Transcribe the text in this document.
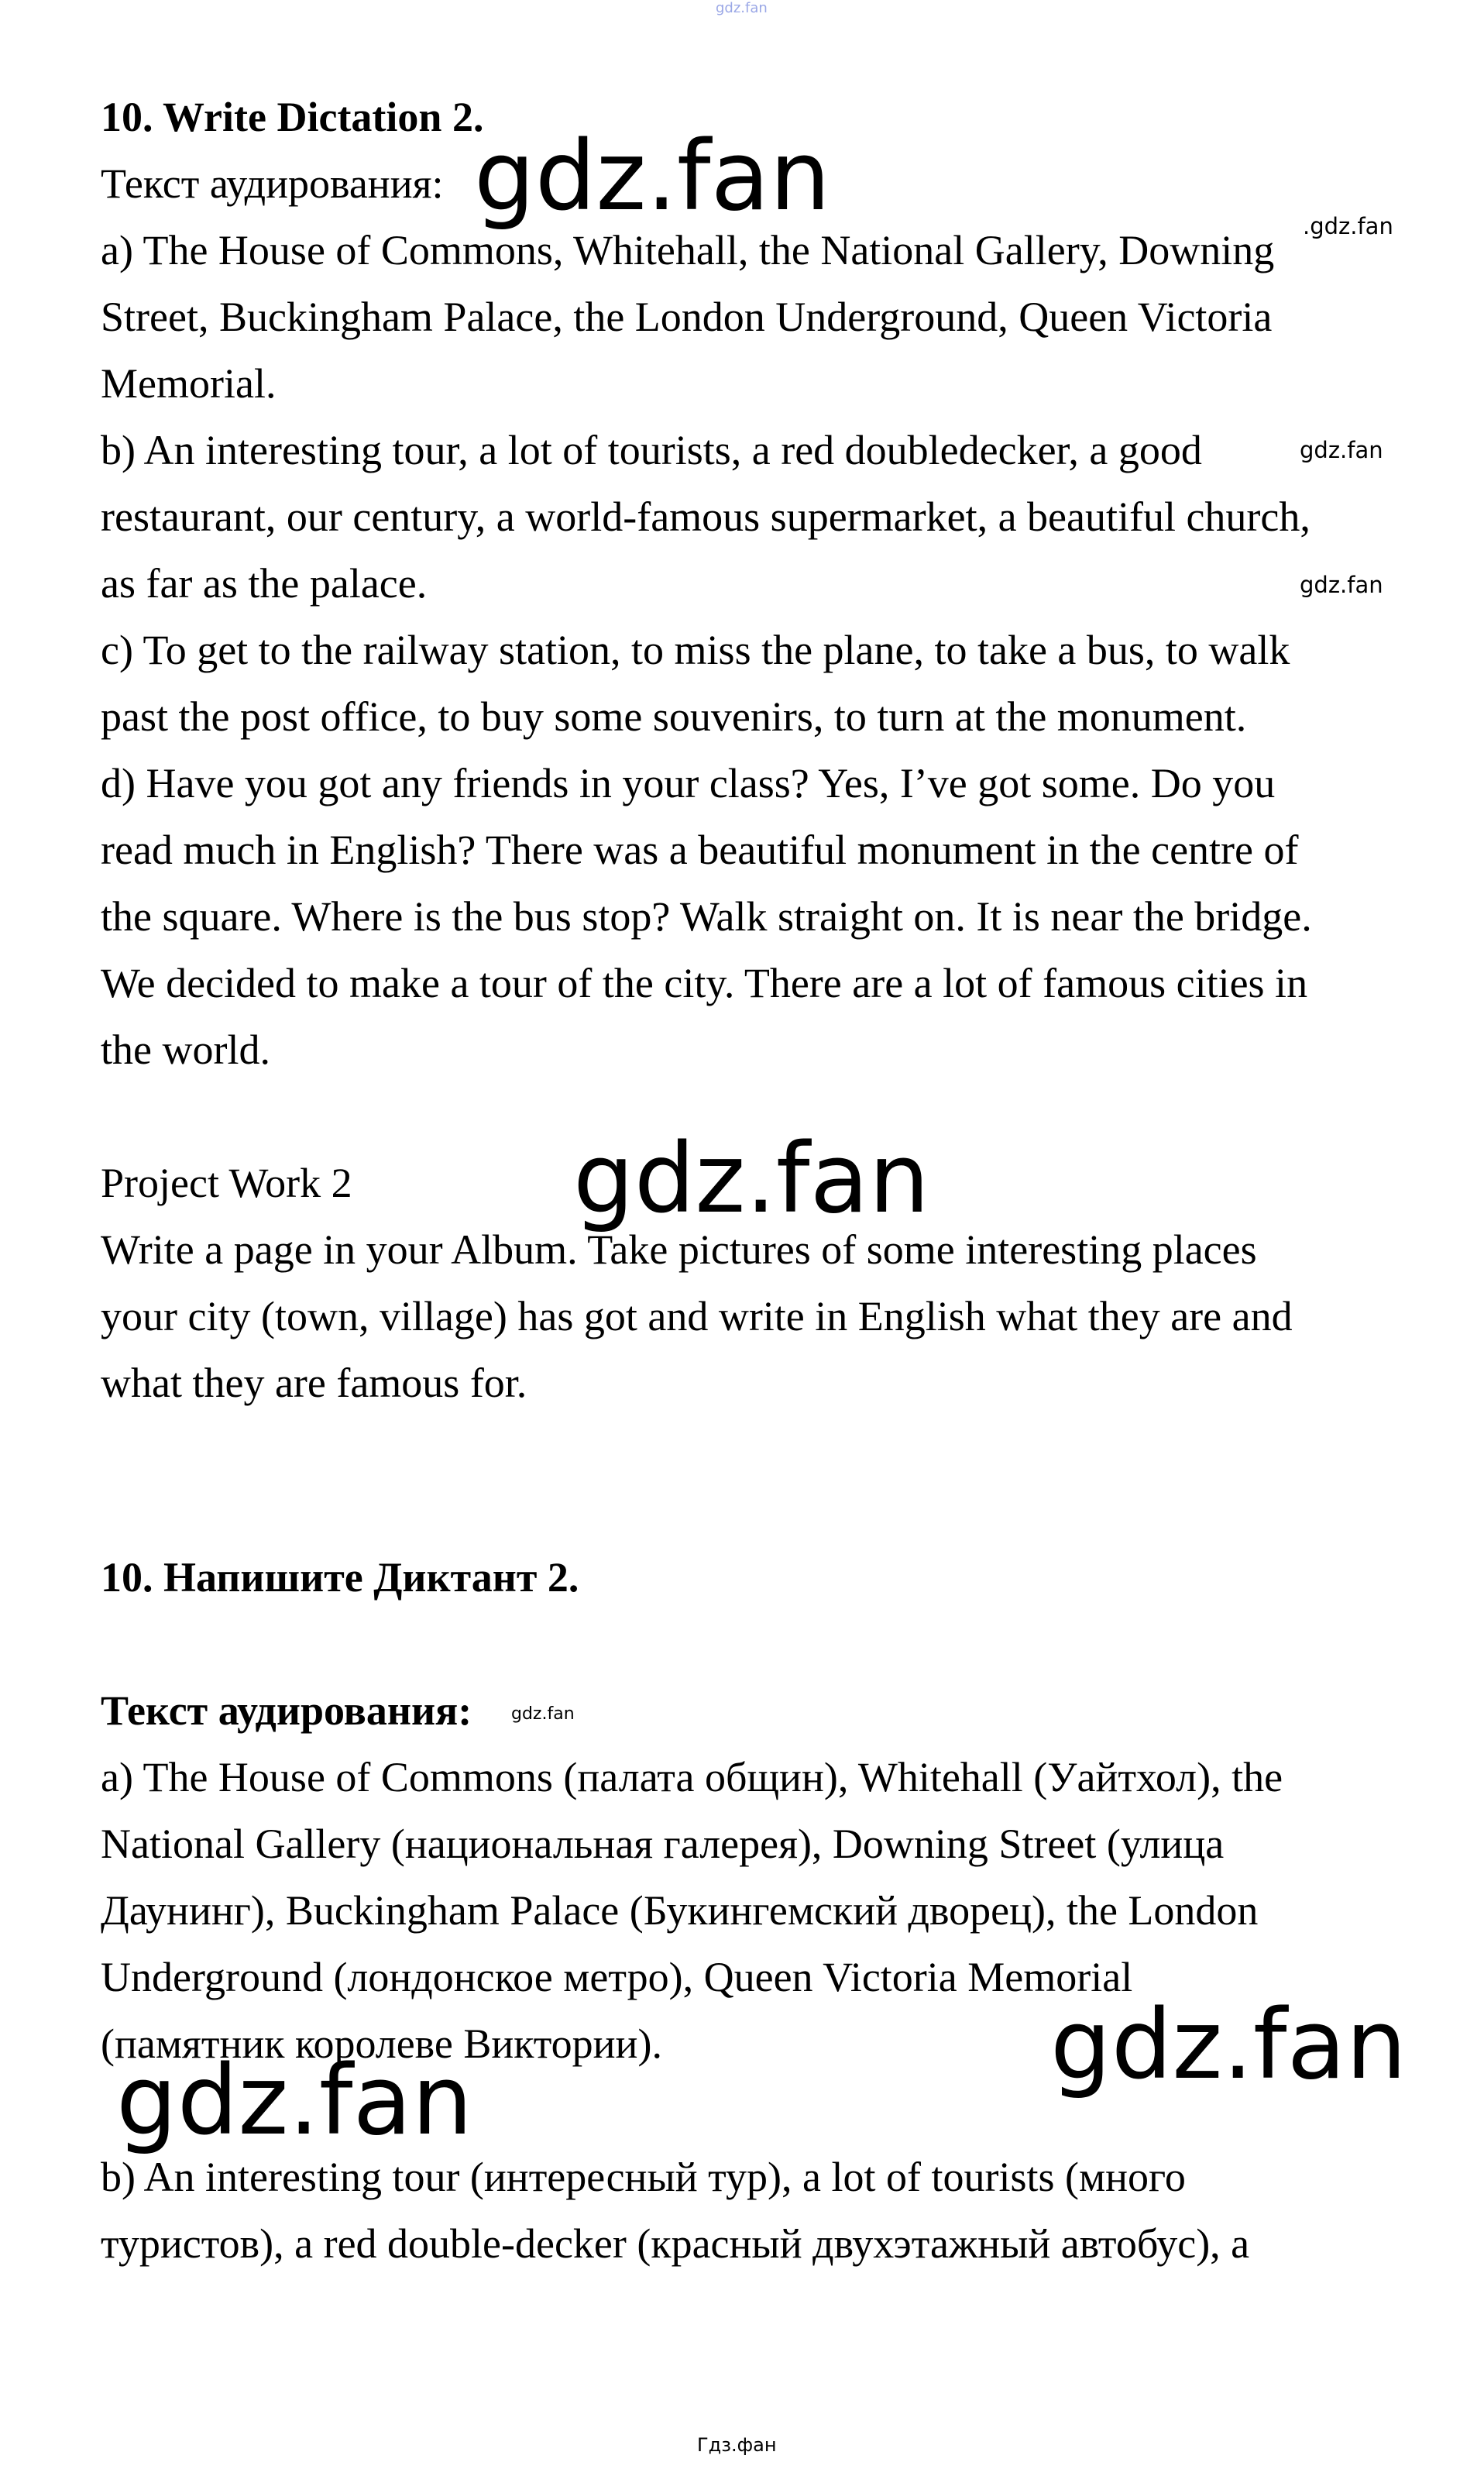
gdz.fan

10. Write Dictation 2.

Текст аудирования:

a) The House of Commons, Whitehall, the National Gallery, Downing

Street, Buckingham Palace, the London Underground, Queen Victoria

Memorial.

b) An interesting tour, a lot of tourists, a red doubledecker, a good

restaurant, our century, a world-famous supermarket, a beautiful church,

as far as the palace.

c) To get to the railway station, to miss the plane, to take a bus, to walk

past the post office, to buy some souvenirs, to turn at the monument.

d) Have you got any friends in your class? Yes, I’ve got some. Do you

read much in English? There was a beautiful monument in the centre of

the square. Where is the bus stop? Walk straight on. It is near the bridge.

We decided to make a tour of the city. There are a lot of famous cities in

the world.

Project Work 2

Write a page in your Album. Take pictures of some interesting places

your city (town, village) has got and write in English what they are and

what they are famous for.

10. Напишите Диктант 2.

Текст аудирования:

a) The House of Commons (палата общин), Whitehall (Уайтхол), the

National Gallery (национальная галерея), Downing Street (улица

Даунинг), Buckingham Palace (Букингемский дворец), the London

Underground (лондонское метро), Queen Victoria Memorial

(памятник королеве Виктории).

b) An interesting tour (интересный тур), a lot of tourists (много

туристов), a red double-decker (красный двухэтажный автобус), a

gdz.fan
gdz.fan
gdz.fan
gdz.fan
.gdz.fan
gdz.fan
gdz.fan
gdz.fan
Гдз.фан
